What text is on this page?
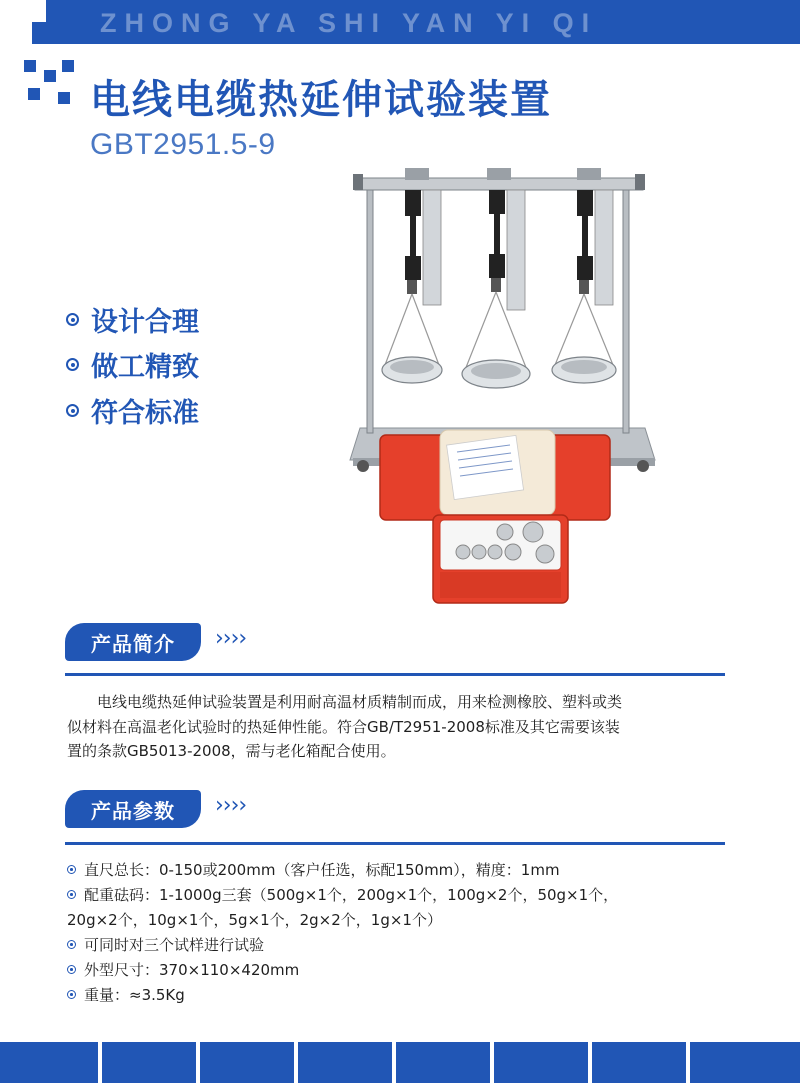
ZHONG YA SHI YAN YI QI
电线电缆热延伸试验装置
GBT2951.5-9
设计合理
做工精致
符合标准
产品简介	››››
电线电缆热延伸试验装置是利用耐高温材质精制而成，用来检测橡胶、塑料或类
似材料在高温老化试验时的热延伸性能。符合GB/T2951-2008标准及其它需要该装
置的条款GB5013-2008，需与老化箱配合使用。
产品参数	››››
直尺总长：0-150或200mm（客户任选，标配150mm），精度：1mm
配重砝码：1-1000g三套（500g×1个，200g×1个，100g×2个，50g×1个，
20g×2个，10g×1个，5g×1个，2g×2个，1g×1个）
可同时对三个试样进行试验
外型尺寸：370×110×420mm
重量：≈3.5Kg
